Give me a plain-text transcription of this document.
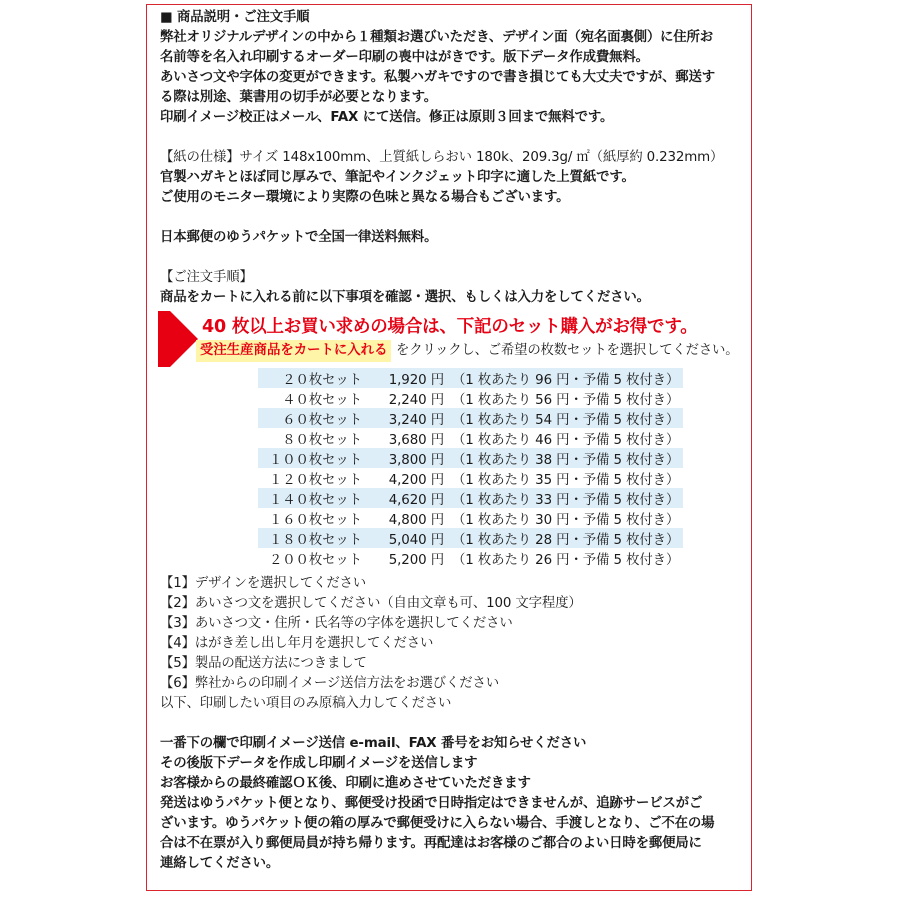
■ 商品説明・ご注文手順

弊社オリジナルデザインの中から１種類お選びいただき、デザイン面（宛名面裏側）に住所お

名前等を名入れ印刷するオーダー印刷の喪中はがきです。版下データ作成費無料。

あいさつ文や字体の変更ができます。私製ハガキですので書き損じても大丈夫ですが、郵送す

る際は別途、葉書用の切手が必要となります。

印刷イメージ校正はメール、FAX にて送信。修正は原則３回まで無料です。

【紙の仕様】サイズ 148x100mm、上質紙しらおい 180k、209.3g/ ㎡（紙厚約 0.232mm）

官製ハガキとほぼ同じ厚みで、筆記やインクジェット印字に適した上質紙です。

ご使用のモニター環境により実際の色味と異なる場合もございます。

日本郵便のゆうパケットで全国一律送料無料。

【ご注文手順】

商品をカートに入れる前に以下事項を確認・選択、もしくは入力をしてください。

40 枚以上お買い求めの場合は、下記のセット購入がお得です。
受注生産商品をカートに入れる をクリックし、ご希望の枚数セットを選択してください。
２０枚セット	1,920 円	（1 枚あたり 96 円・予備 5 枚付き）
４０枚セット	2,240 円	（1 枚あたり 56 円・予備 5 枚付き）
６０枚セット	3,240 円	（1 枚あたり 54 円・予備 5 枚付き）
８０枚セット	3,680 円	（1 枚あたり 46 円・予備 5 枚付き）
１００枚セット	3,800 円	（1 枚あたり 38 円・予備 5 枚付き）
１２０枚セット	4,200 円	（1 枚あたり 35 円・予備 5 枚付き）
１４０枚セット	4,620 円	（1 枚あたり 33 円・予備 5 枚付き）
１６０枚セット	4,800 円	（1 枚あたり 30 円・予備 5 枚付き）
１８０枚セット	5,040 円	（1 枚あたり 28 円・予備 5 枚付き）
２００枚セット	5,200 円	（1 枚あたり 26 円・予備 5 枚付き）

【1】デザインを選択してください

【2】あいさつ文を選択してください（自由文章も可、100 文字程度）

【3】あいさつ文・住所・氏名等の字体を選択してください

【4】はがき差し出し年月を選択してください

【5】製品の配送方法につきまして

【6】弊社からの印刷イメージ送信方法をお選びください

以下、印刷したい項目のみ原稿入力してください

一番下の欄で印刷イメージ送信 e-mail、FAX 番号をお知らせください

その後版下データを作成し印刷イメージを送信します

お客様からの最終確認ＯＫ後、印刷に進めさせていただきます

発送はゆうパケット便となり、郵便受け投函で日時指定はできませんが、追跡サービスがご

ざいます。ゆうパケット便の箱の厚みで郵便受けに入らない場合、手渡しとなり、ご不在の場

合は不在票が入り郵便局員が持ち帰ります。再配達はお客様のご都合のよい日時を郵便局に

連絡してください。
